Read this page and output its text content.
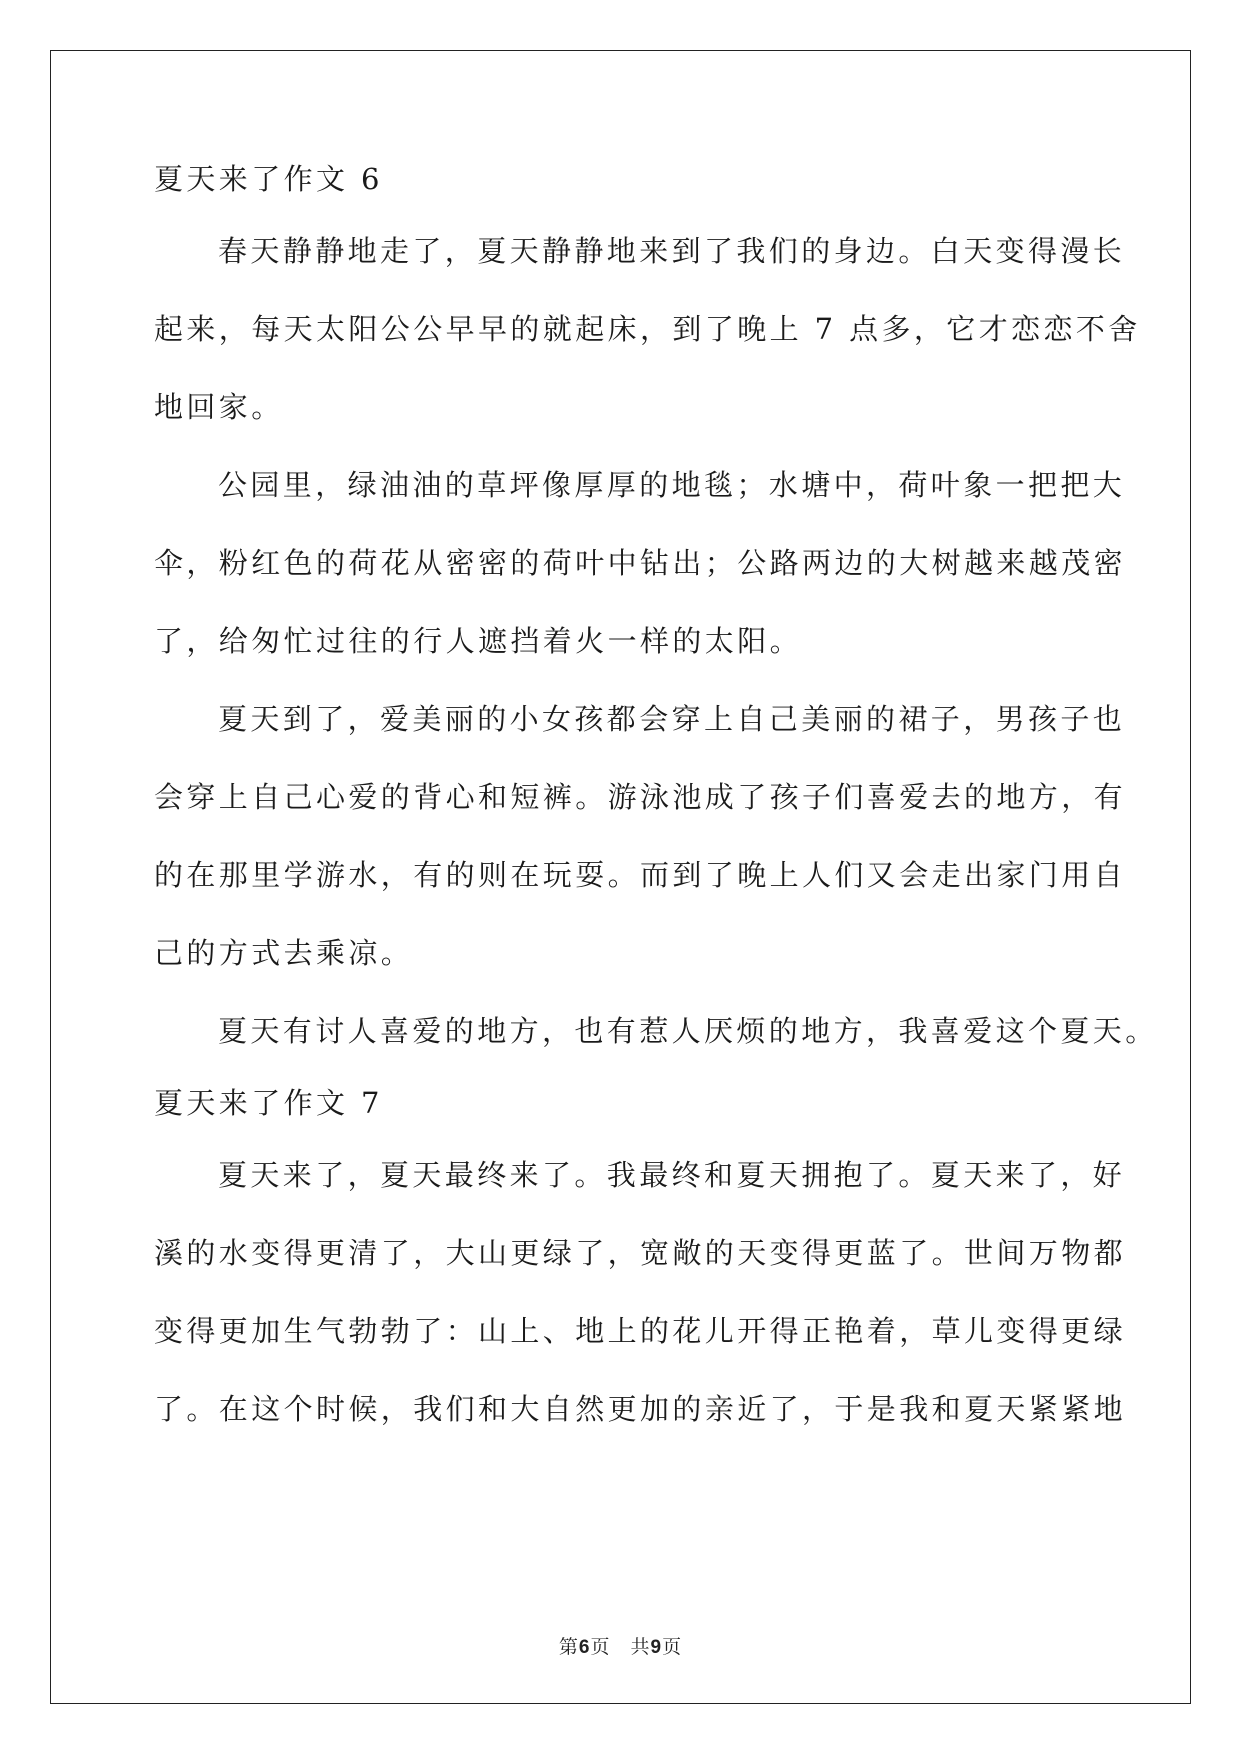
夏天来了作文 6
春天静静地走了，夏天静静地来到了我们的身边。白天变得漫长
起来，每天太阳公公早早的就起床，到了晚上 7 点多，它才恋恋不舍
地回家。
公园里，绿油油的草坪像厚厚的地毯；水塘中，荷叶象一把把大
伞，粉红色的荷花从密密的荷叶中钻出；公路两边的大树越来越茂密
了，给匆忙过往的行人遮挡着火一样的太阳。
夏天到了，爱美丽的小女孩都会穿上自己美丽的裙子，男孩子也
会穿上自己心爱的背心和短裤。游泳池成了孩子们喜爱去的地方，有
的在那里学游水，有的则在玩耍。而到了晚上人们又会走出家门用自
己的方式去乘凉。
夏天有讨人喜爱的地方，也有惹人厌烦的地方，我喜爱这个夏天。
夏天来了作文 7
夏天来了，夏天最终来了。我最终和夏天拥抱了。夏天来了，好
溪的水变得更清了，大山更绿了，宽敞的天变得更蓝了。世间万物都
变得更加生气勃勃了：山上、地上的花儿开得正艳着，草儿变得更绿
了。在这个时候，我们和大自然更加的亲近了，于是我和夏天紧紧地
第6页　共9页
